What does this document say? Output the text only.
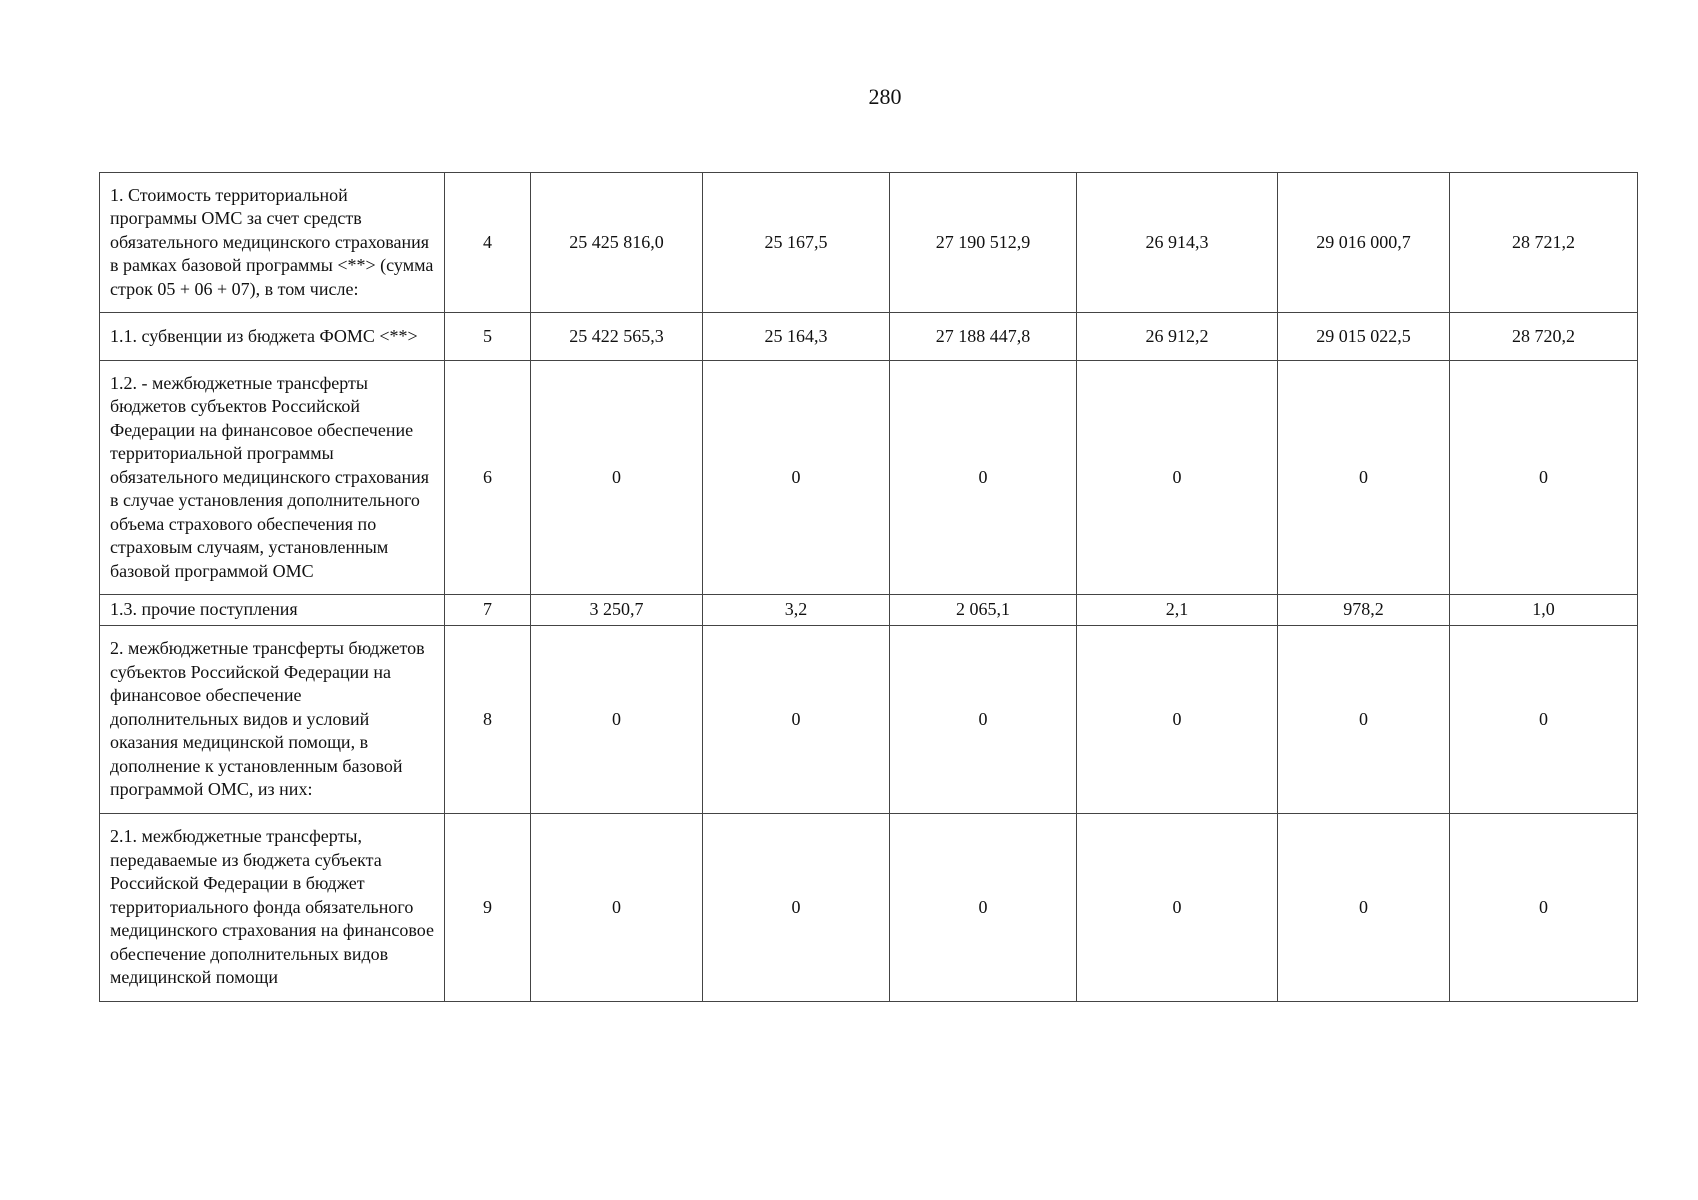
280
1. Стоимость территориальной программы ОМС за счет средств обязательного медицинского страхования в рамках базовой программы <**> (сумма строк 05 + 06 + 07), в том числе:	4	25 425 816,0	25 167,5	27 190 512,9	26 914,3	29 016 000,7	28 721,2
1.1. субвенции из бюджета ФОМС <**>	5	25 422 565,3	25 164,3	27 188 447,8	26 912,2	29 015 022,5	28 720,2
1.2. - межбюджетные трансферты бюджетов субъектов Российской Федерации на финансовое обеспечение территориальной программы обязательного медицинского страхования в случае установления дополнительного объема страхового обеспечения по страховым случаям, установленным базовой программой ОМС	6	0	0	0	0	0	0
1.3. прочие поступления	7	3 250,7	3,2	2 065,1	2,1	978,2	1,0
2. межбюджетные трансферты бюджетов субъектов Российской Федерации на финансовое обеспечение дополнительных видов и условий оказания медицинской помощи, в дополнение к установленным базовой программой ОМС, из них:	8	0	0	0	0	0	0
2.1. межбюджетные трансферты, передаваемые из бюджета субъекта Российской Федерации в бюджет территориального фонда обязательного медицинского страхования на финансовое обеспечение дополнительных видов медицинской помощи	9	0	0	0	0	0	0
